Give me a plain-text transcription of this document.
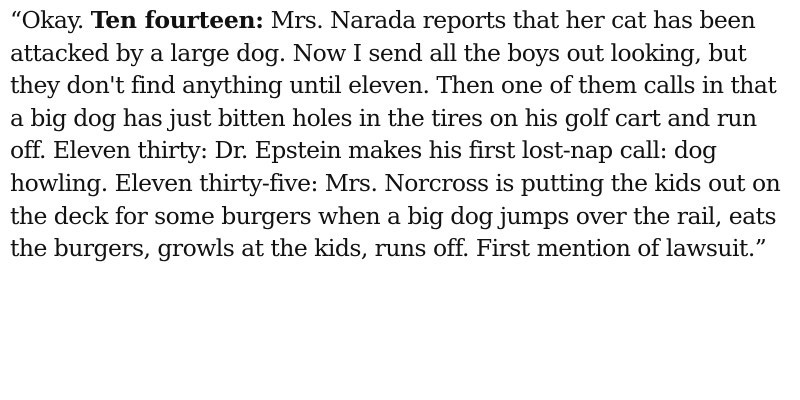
“Okay. Ten fourteen: Mrs. Narada reports that her cat has been attacked by a large dog. Now I send all the boys out looking, but they don't find anything until eleven. Then one of them calls in that a big dog has just bitten holes in the tires on his golf cart and run off. Eleven thirty: Dr. Epstein makes his first lost-nap call: dog howling. Eleven thirty-five: Mrs. Norcross is putting the kids out on the deck for some burgers when a big dog jumps over the rail, eats the burgers, growls at the kids, runs off. First mention of lawsuit.”
